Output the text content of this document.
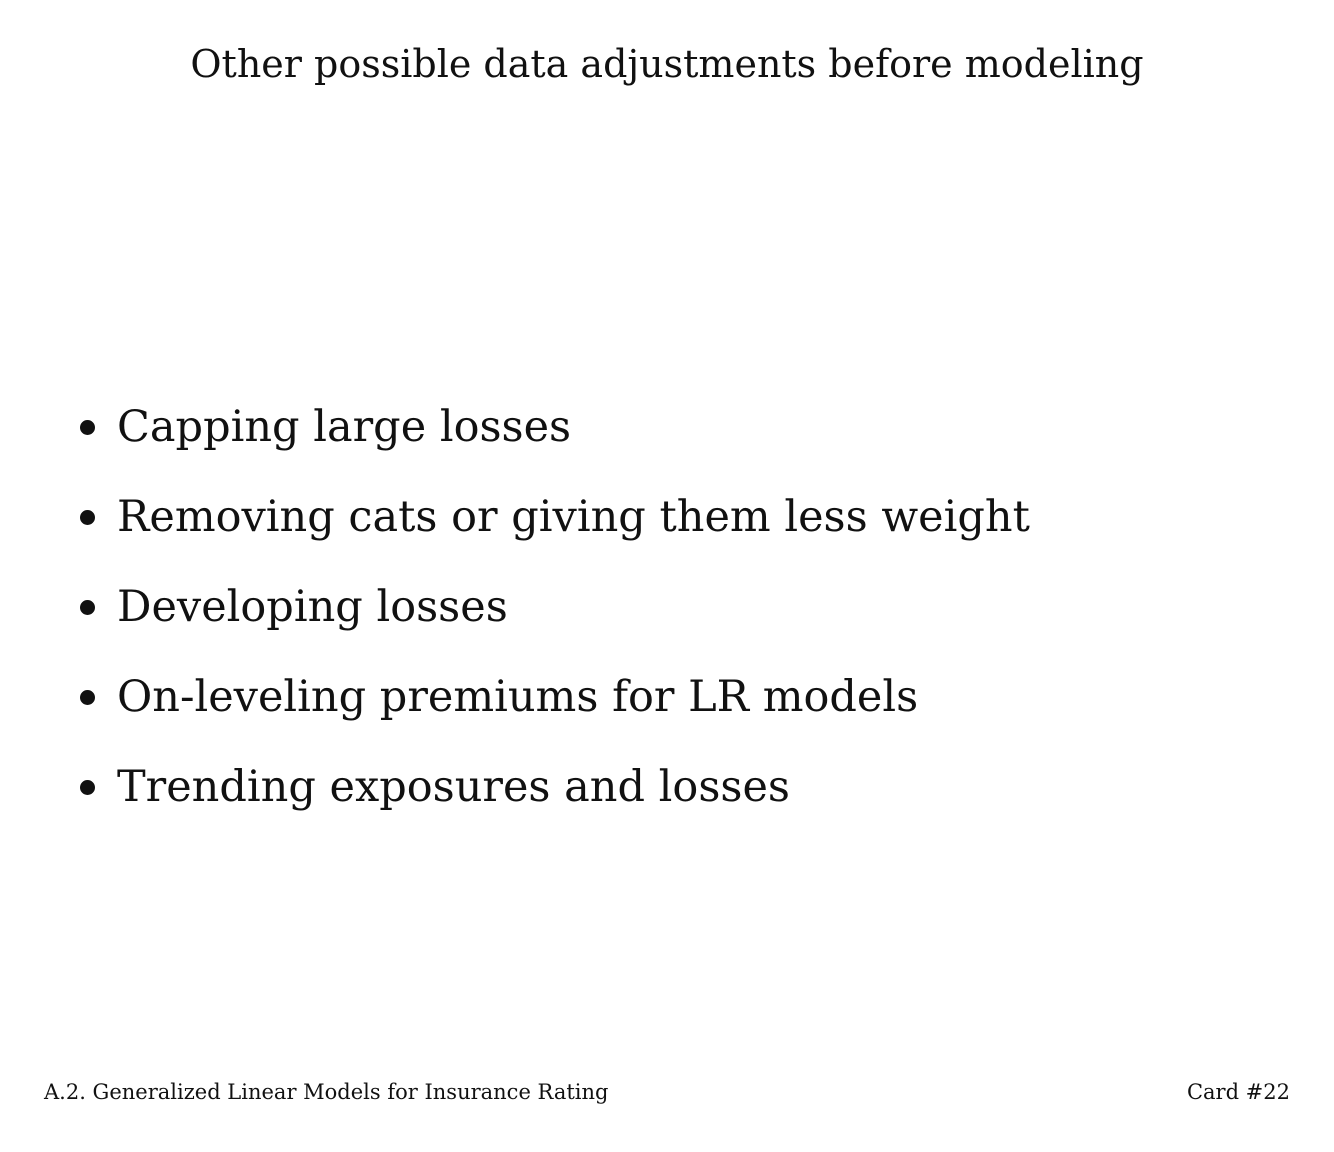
Other possible data adjustments before modeling
Capping large losses
Removing cats or giving them less weight
Developing losses
On-leveling premiums for LR models
Trending exposures and losses
A.2. Generalized Linear Models for Insurance Rating	Card #22
